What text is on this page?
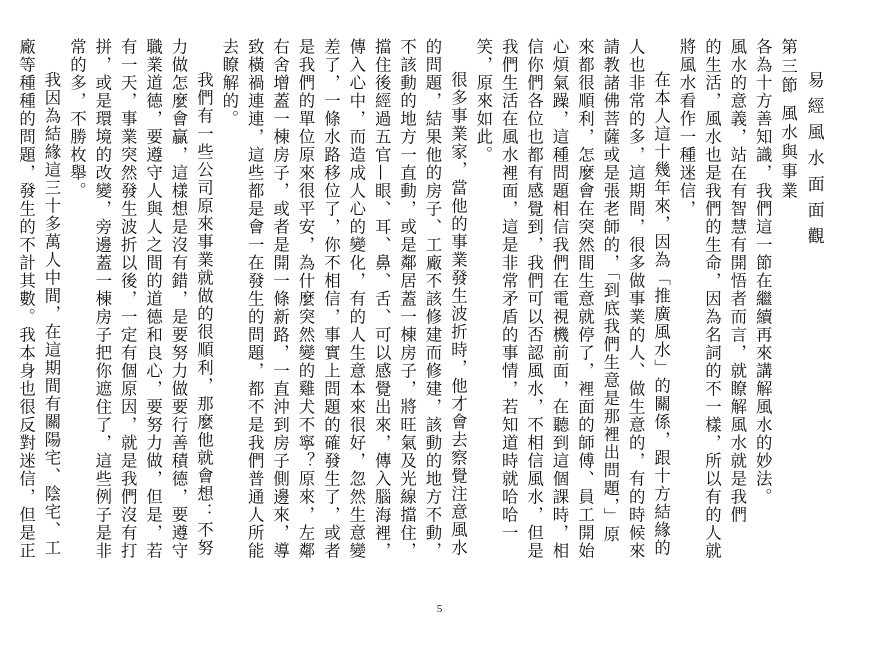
易經風水面面觀
第三節 風水與事業
各為十方善知識，我們這一節在繼續再來講解風水的妙法。
風水的意義，站在有智慧有開悟者而言，就瞭解風水就是我們
的生活，風水也是我們的生命，因為名詞的不一樣，所以有的人就
將風水看作一種迷信，
在本人這十幾年來，因為「推廣風水」的關係，跟十方結緣的
人也非常的多，這期間，很多做事業的人、做生意的，有的時候來
請教諸佛菩薩或是張老師的，「到底我們生意是那裡出問題，」原
來都很順利，怎麼會在突然間生意就停了，裡面的師傅、員工開始
心煩氣躁，這種問題相信我們在電視機前面，在聽到這個課時，相
信你們各位也都有感覺到，我們可以否認風水，不相信風水，但是
我們生活在風水裡面，這是非常矛盾的事情，若知道時就哈哈一
笑，原來如此。
很多事業家，當他的事業發生波折時，他才會去察覺注意風水
的問題，結果他的房子、工廠不該修建而修建，該動的地方不動，
不該動的地方一直動，或是鄰居蓋一棟房子，將旺氣及光線擋住，
擋住後經過五官—眼、耳、鼻、舌、可以感覺出來，傳入腦海裡，
傳入心中，而造成人心的變化，有的人生意本來很好，忽然生意變
差了，一條水路移位了，你不相信，事實上問題的確發生了，或者
是我們的單位原來很平安，為什麼突然變的雞犬不寧？原來，左鄰
右舍增蓋一棟房子，或者是開一條新路，一直沖到房子側邊來，導
致橫禍連連，這些都是會一在發生的問題，都不是我們普通人所能
去瞭解的。
我們有一些公司原來事業就做的很順利，那麼他就會想：不努
力做怎麼會贏，這樣想是沒有錯，是要努力做要行善積德，要遵守
職業道德，要遵守人與人之間的道德和良心，要努力做，但是，若
有一天，事業突然發生波折以後，一定有個原因，就是我們沒有打
拼，或是環境的改變，旁邊蓋一棟房子把你遮住了，這些例子是非
常的多，不勝枚舉。
我因為結緣這三十多萬人中間，在這期間有關陽宅、陰宅、工
廠等種種的問題，發生的不計其數。我本身也很反對迷信，但是正
5
